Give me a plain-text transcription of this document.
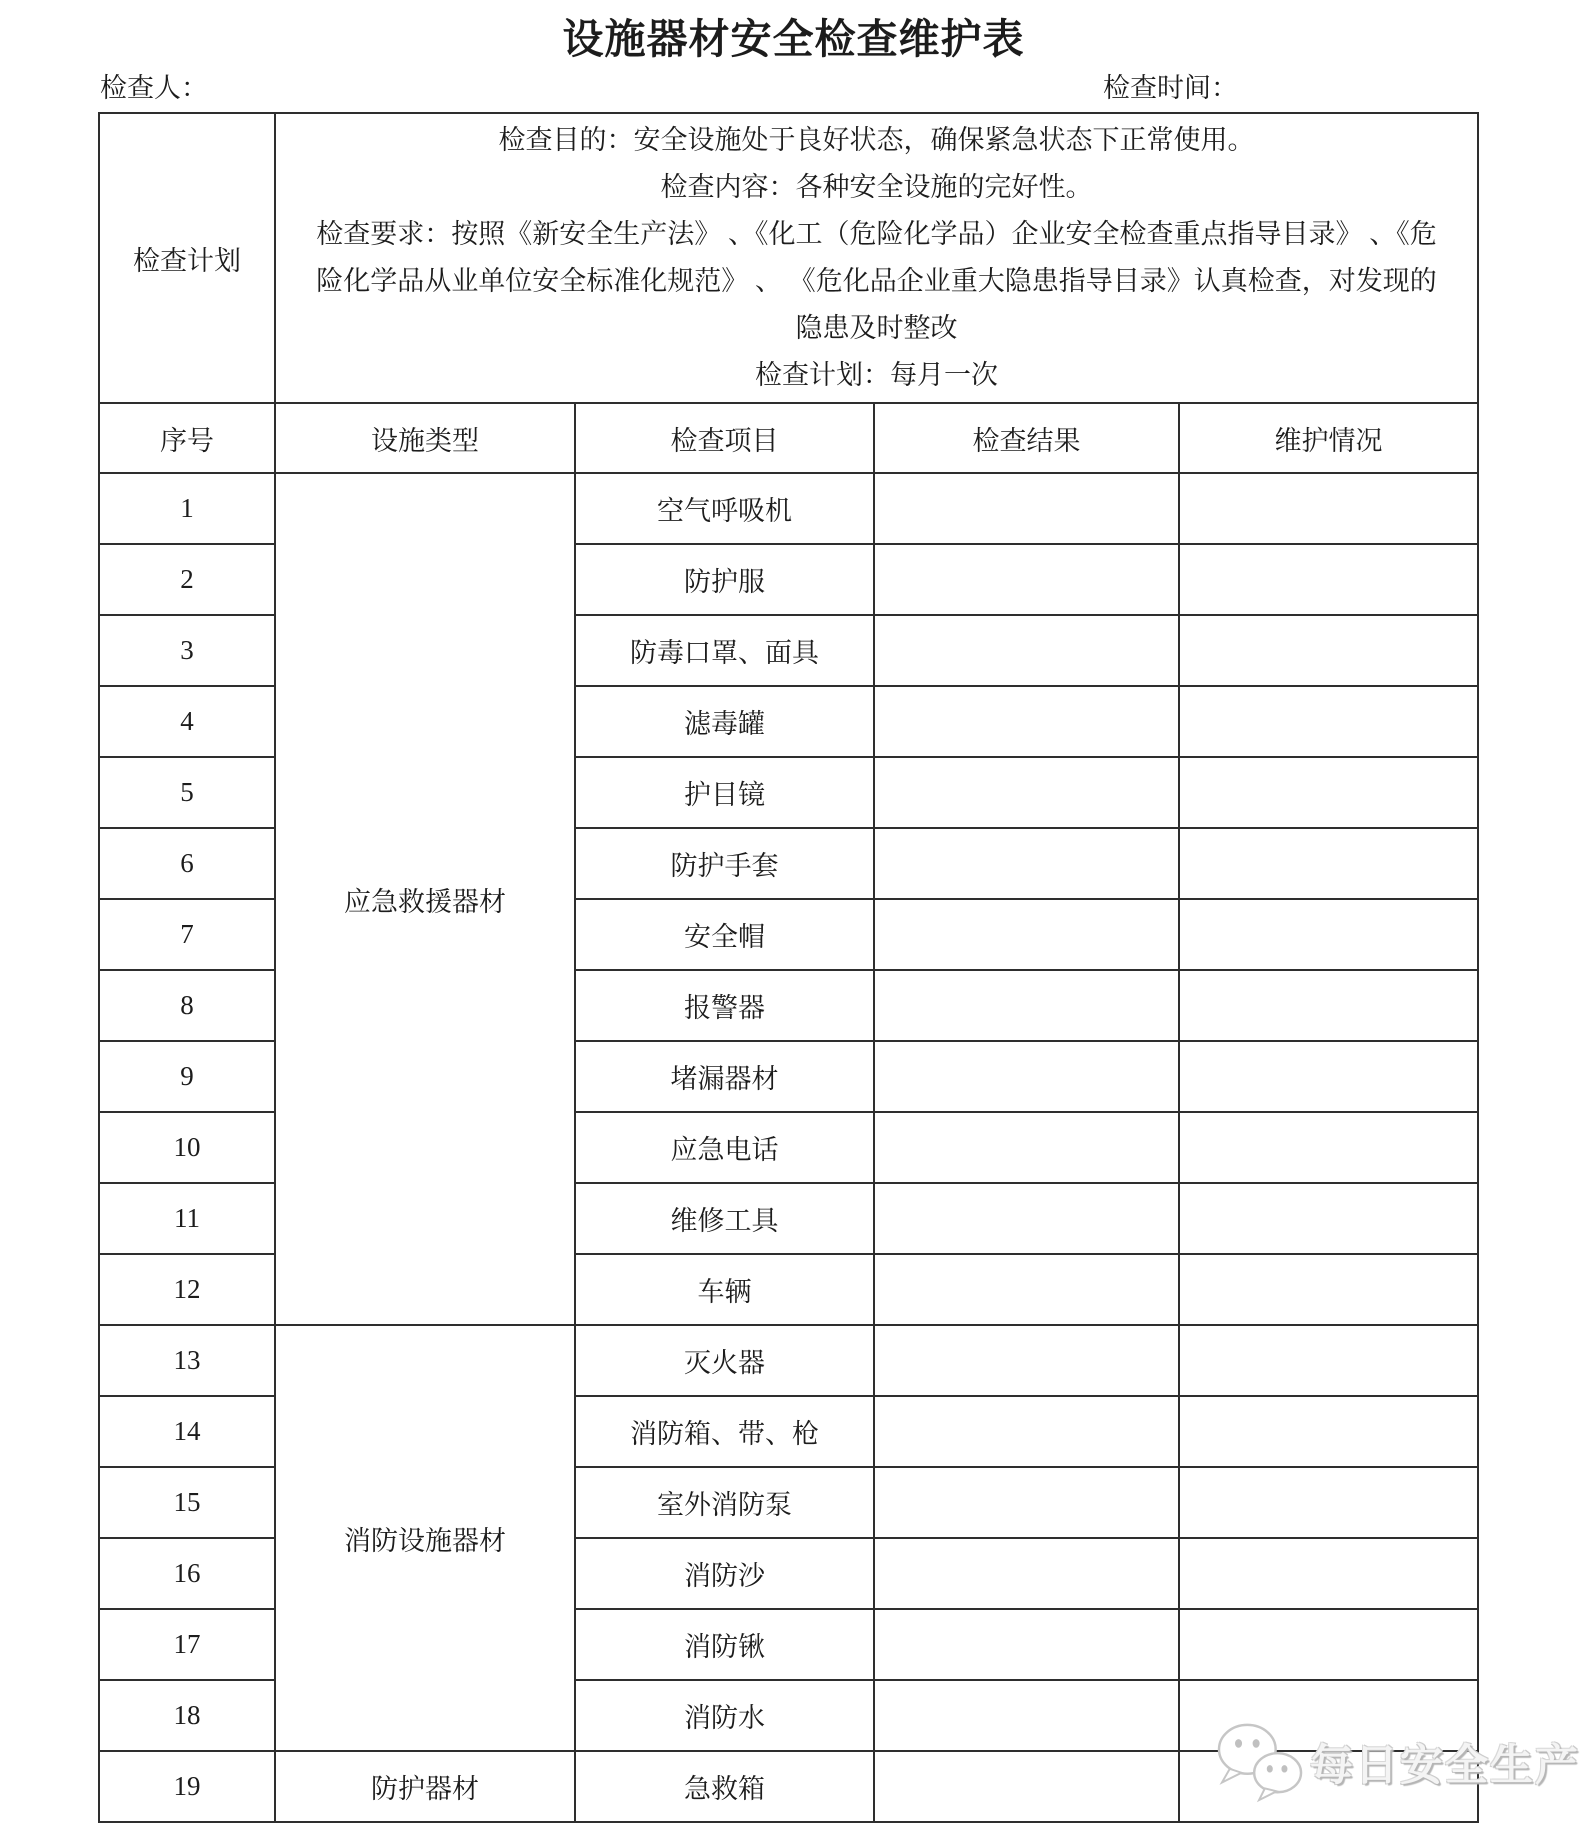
设施器材安全检查维护表
检查人：	检查时间：
检查计划	
检查目的：安全设施处于良好状态，确保紧急状态下正常使用。
检查内容：各种安全设施的完好性。
检查要求：按照《新安全生产法》 、《化工（危险化学品）企业安全检查重点指导目录》 、《危
险化学品从业单位安全标准化规范》 、 《危化品企业重大隐患指导目录》认真检查，对发现的
隐患及时整改
检查计划：每月一次

序号	设施类型	检查项目	检查结果	维护情况
1	应急救援器材	空气呼吸机		
2		防护服		
3		防毒口罩、面具		
4		滤毒罐		
5		护目镜		
6		防护手套		
7		安全帽		
8		报警器		
9		堵漏器材		
10		应急电话		
11		维修工具		
12		车辆		
13	消防设施器材	灭火器		
14		消防箱、带、枪		
15		室外消防泵		
16		消防沙		
17		消防锹		
18		消防水		
19	防护器材	急救箱			每日安全生产
